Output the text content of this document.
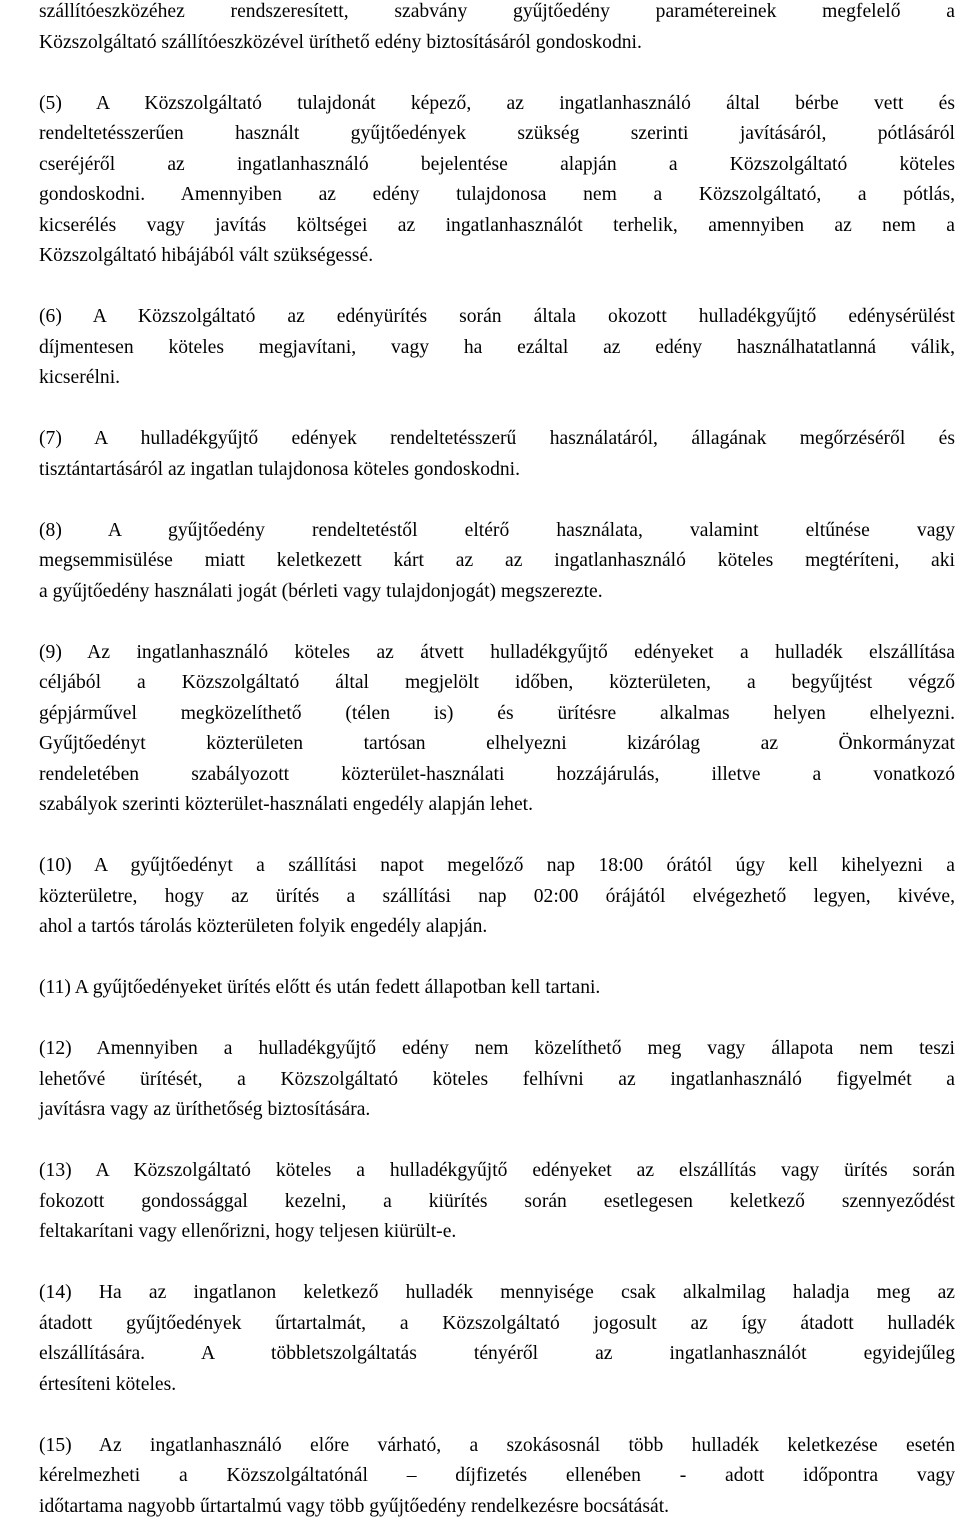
szállítóeszközéhez rendszeresített, szabvány gyűjtőedény paramétereinek megfelelő a
Közszolgáltató szállítóeszközével üríthető edény biztosításáról gondoskodni.

(5) A Közszolgáltató tulajdonát képező, az ingatlanhasználó által bérbe vett és
rendeltetésszerűen használt gyűjtőedények szükség szerinti javításáról, pótlásáról
cseréjéről az ingatlanhasználó bejelentése alapján a Közszolgáltató köteles
gondoskodni. Amennyiben az edény tulajdonosa nem a Közszolgáltató, a pótlás,
kicserélés vagy javítás költségei az ingatlanhasználót terhelik, amennyiben az nem a
Közszolgáltató hibájából vált szükségessé.

(6) A Közszolgáltató az edényürítés során általa okozott hulladékgyűjtő edénysérülést
díjmentesen köteles megjavítani, vagy ha ezáltal az edény használhatatlanná válik,
kicserélni.

(7) A hulladékgyűjtő edények rendeltetésszerű használatáról, állagának megőrzéséről és
tisztántartásáról az ingatlan tulajdonosa köteles gondoskodni.

(8) A gyűjtőedény rendeltetéstől eltérő használata, valamint eltűnése vagy
megsemmisülése miatt keletkezett kárt az az ingatlanhasználó köteles megtéríteni, aki
a gyűjtőedény használati jogát (bérleti vagy tulajdonjogát) megszerezte.

(9) Az ingatlanhasználó köteles az átvett hulladékgyűjtő edényeket a hulladék elszállítása
céljából a Közszolgáltató által megjelölt időben, közterületen, a begyűjtést végző
gépjárművel megközelíthető (télen is) és ürítésre alkalmas helyen elhelyezni.
Gyűjtőedényt közterületen tartósan elhelyezni kizárólag az Önkormányzat
rendeletében szabályozott közterület-használati hozzájárulás, illetve a vonatkozó
szabályok szerinti közterület-használati engedély alapján lehet.

(10) A gyűjtőedényt a szállítási napot megelőző nap 18:00 órától úgy kell kihelyezni a
közterületre, hogy az ürítés a szállítási nap 02:00 órájától elvégezhető legyen, kivéve,
ahol a tartós tárolás közterületen folyik engedély alapján.

(11) A gyűjtőedényeket ürítés előtt és után fedett állapotban kell tartani.

(12) Amennyiben a hulladékgyűjtő edény nem közelíthető meg vagy állapota nem teszi
lehetővé ürítését, a Közszolgáltató köteles felhívni az ingatlanhasználó figyelmét a
javításra vagy az üríthetőség biztosítására.

(13) A Közszolgáltató köteles a hulladékgyűjtő edényeket az elszállítás vagy ürítés során
fokozott gondossággal kezelni, a kiürítés során esetlegesen keletkező szennyeződést
feltakarítani vagy ellenőrizni, hogy teljesen kiürült-e.

(14) Ha az ingatlanon keletkező hulladék mennyisége csak alkalmilag haladja meg az
átadott gyűjtőedények űrtartalmát, a Közszolgáltató jogosult az így átadott hulladék
elszállítására. A többletszolgáltatás tényéről az ingatlanhasználót egyidejűleg
értesíteni köteles.

(15) Az ingatlanhasználó előre várható, a szokásosnál több hulladék keletkezése esetén
kérelmezheti a Közszolgáltatónál – díjfizetés ellenében - adott időpontra vagy
időtartama nagyobb űrtartalmú vagy több gyűjtőedény rendelkezésre bocsátását.
